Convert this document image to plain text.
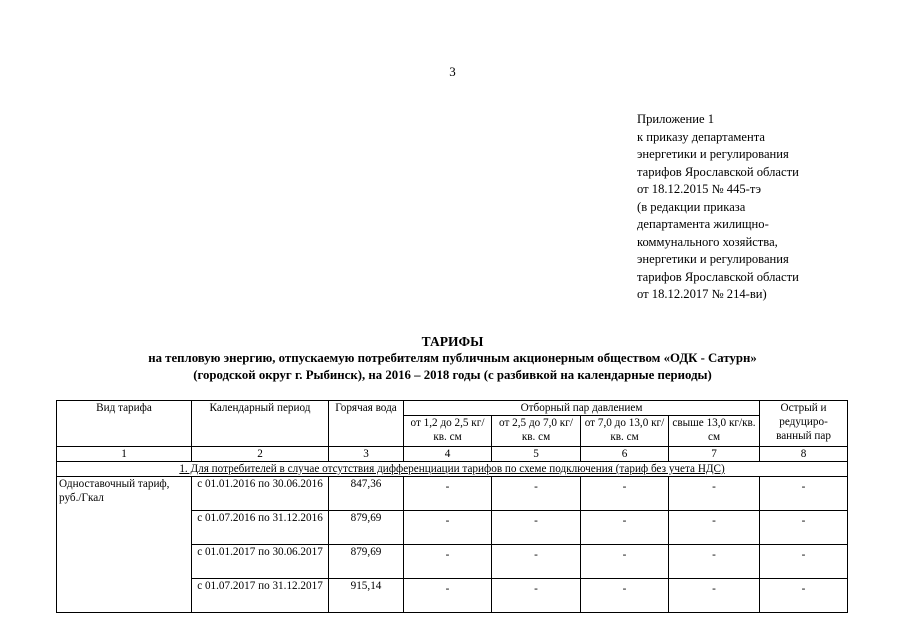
3
Приложение 1
к приказу департамента
энергетики и регулирования
тарифов Ярославской области
от 18.12.2015 № 445-тэ
(в редакции приказа
департамента жилищно-
коммунального хозяйства,
энергетики и регулирования
тарифов Ярославской области
от 18.12.2017 № 214-ви)
ТАРИФЫ
на тепловую энергию, отпускаемую потребителям публичным акционерным обществом «ОДК - Сатурн»
(городской округ г. Рыбинск), на 2016 – 2018 годы (с разбивкой на календарные периоды)
Вид тарифа	Календарный период	Горячая вода	Отборный пар давлением				Острый и редуциро-ванный пар
			от 1,2 до 2,5 кг/кв. см	от 2,5 до 7,0 кг/кв. см	от 7,0 до 13,0 кг/кв. см	свыше 13,0 кг/кв. см	
1	2	3	4	5	6	7	8
1. Для потребителей в случае отсутствия дифференциации тарифов по схеме подключения (тариф без учета НДС)							
Одноставочный тариф, руб./Гкал	с 01.01.2016 по 30.06.2016	847,36	-	-	-	-	-
	с 01.07.2016 по 31.12.2016	879,69	-	-	-	-	-
	с 01.01.2017 по 30.06.2017	879,69	-	-	-	-	-
	с 01.07.2017 по 31.12.2017	915,14	-	-	-	-	-
